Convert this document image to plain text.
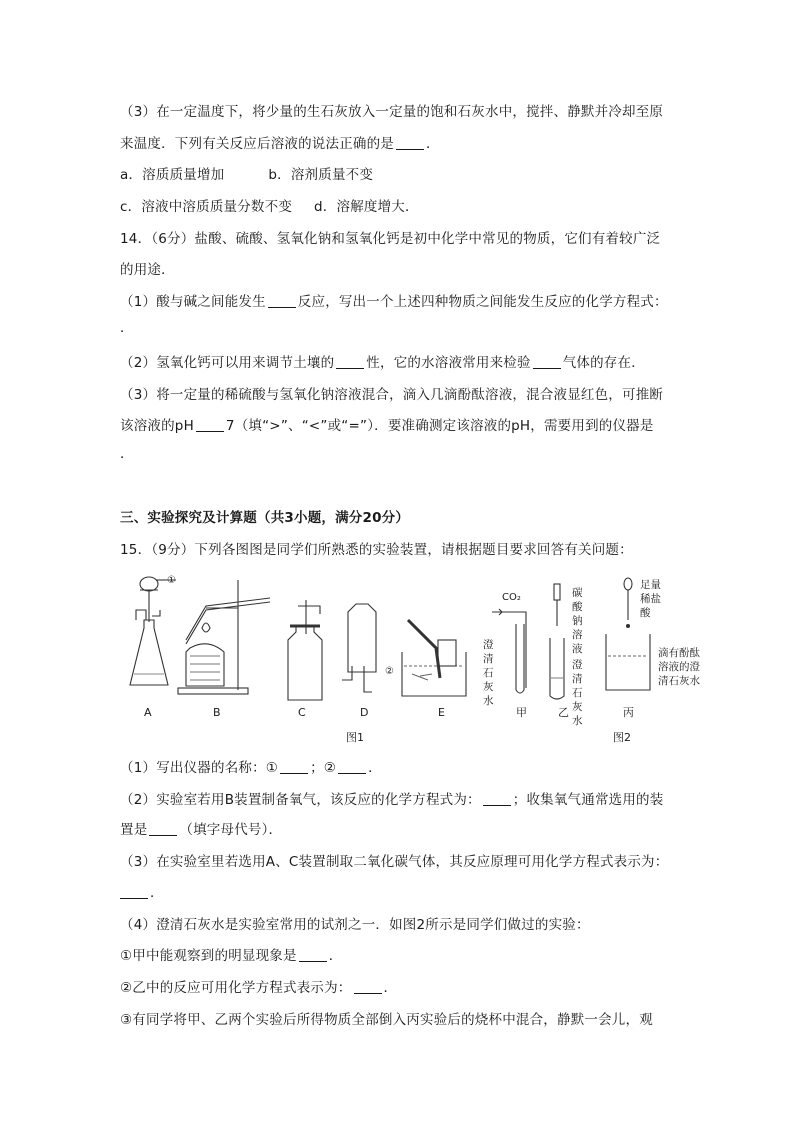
（3）在一定温度下，将少量的生石灰放入一定量的饱和石灰水中，搅拌、静默并冷却至原
来温度．下列有关反应后溶液的说法正确的是 ．
a．溶质质量增加	b．溶剂质量不变
c．溶液中溶质质量分数不变 d．溶解度增大．
14．（6分）盐酸、硫酸、氢氧化钠和氢氧化钙是初中化学中常见的物质，它们有着较广泛
的用途．
（1）酸与碱之间能发生 反应，写出一个上述四种物质之间能发生反应的化学方程式：
．
（2）氢氧化钙可以用来调节土壤的 性，它的水溶液常用来检验 气体的存在．
（3）将一定量的稀硫酸与氢氧化钠溶液混合，滴入几滴酚酞溶液，混合液显红色，可推断
该溶液的pH 7（填“>”、“<”或“=”）．要准确测定该溶液的pH，需要用到的仪器是
．
三、实验探究及计算题（共3小题，满分20分）
15．（9分）下列各图图是同学们所熟悉的实验装置，请根据题目要求回答有关问题：
①
②
CO₂
澄
清
石
灰
水
碳
酸
钠
溶
液
澄
清
石
灰
水
足量
稀盐
酸
滴有酚酞
溶液的澄
清石灰水
A	B	C	D	E	甲	乙	丙
图1	图2
（1）写出仪器的名称：① ；② ．
（2）实验室若用B装置制备氧气，该反应的化学方程式为： ；收集氧气通常选用的装
置是 （填字母代号）．
（3）在实验室里若选用A、C装置制取二氧化碳气体，其反应原理可用化学方程式表示为：
．
（4）澄清石灰水是实验室常用的试剂之一．如图2所示是同学们做过的实验：
①甲中能观察到的明显现象是 ．
②乙中的反应可用化学方程式表示为： ．
③有同学将甲、乙两个实验后所得物质全部倒入丙实验后的烧杯中混合，静默一会儿，观
